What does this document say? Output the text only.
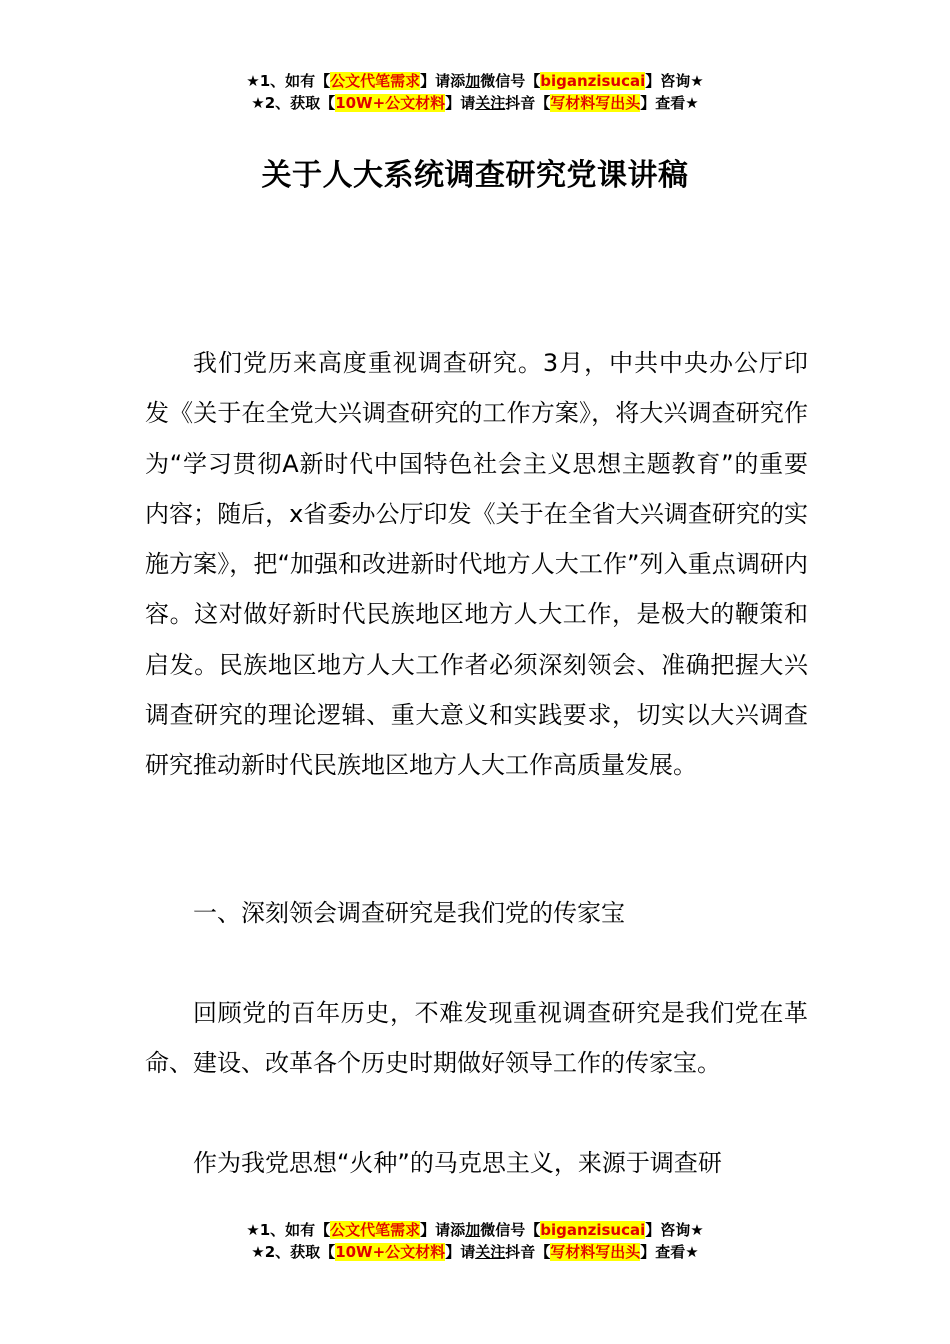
★1、如有【公文代笔需求】请添加微信号【biganzisucai】咨询★
★2、获取【10W+公文材料】请关注抖音【写材料写出头】查看★
关于人大系统调查研究党课讲稿

我们党历来高度重视调查研究。3月，中共中央办公厅印发《关于在全党大兴调查研究的工作方案》，将大兴调查研究作为“学习贯彻A新时代中国特色社会主义思想主题教育”的重要内容；随后，x省委办公厅印发《关于在全省大兴调查研究的实施方案》，把“加强和改进新时代地方人大工作”列入重点调研内容。这对做好新时代民族地区地方人大工作，是极大的鞭策和启发。民族地区地方人大工作者必须深刻领会、准确把握大兴调查研究的理论逻辑、重大意义和实践要求，切实以大兴调查研究推动新时代民族地区地方人大工作高质量发展。

一、深刻领会调查研究是我们党的传家宝

回顾党的百年历史，不难发现重视调查研究是我们党在革命、建设、改革各个历史时期做好领导工作的传家宝。

作为我党思想“火种”的马克思主义，来源于调查研

★1、如有【公文代笔需求】请添加微信号【biganzisucai】咨询★
★2、获取【10W+公文材料】请关注抖音【写材料写出头】查看★
